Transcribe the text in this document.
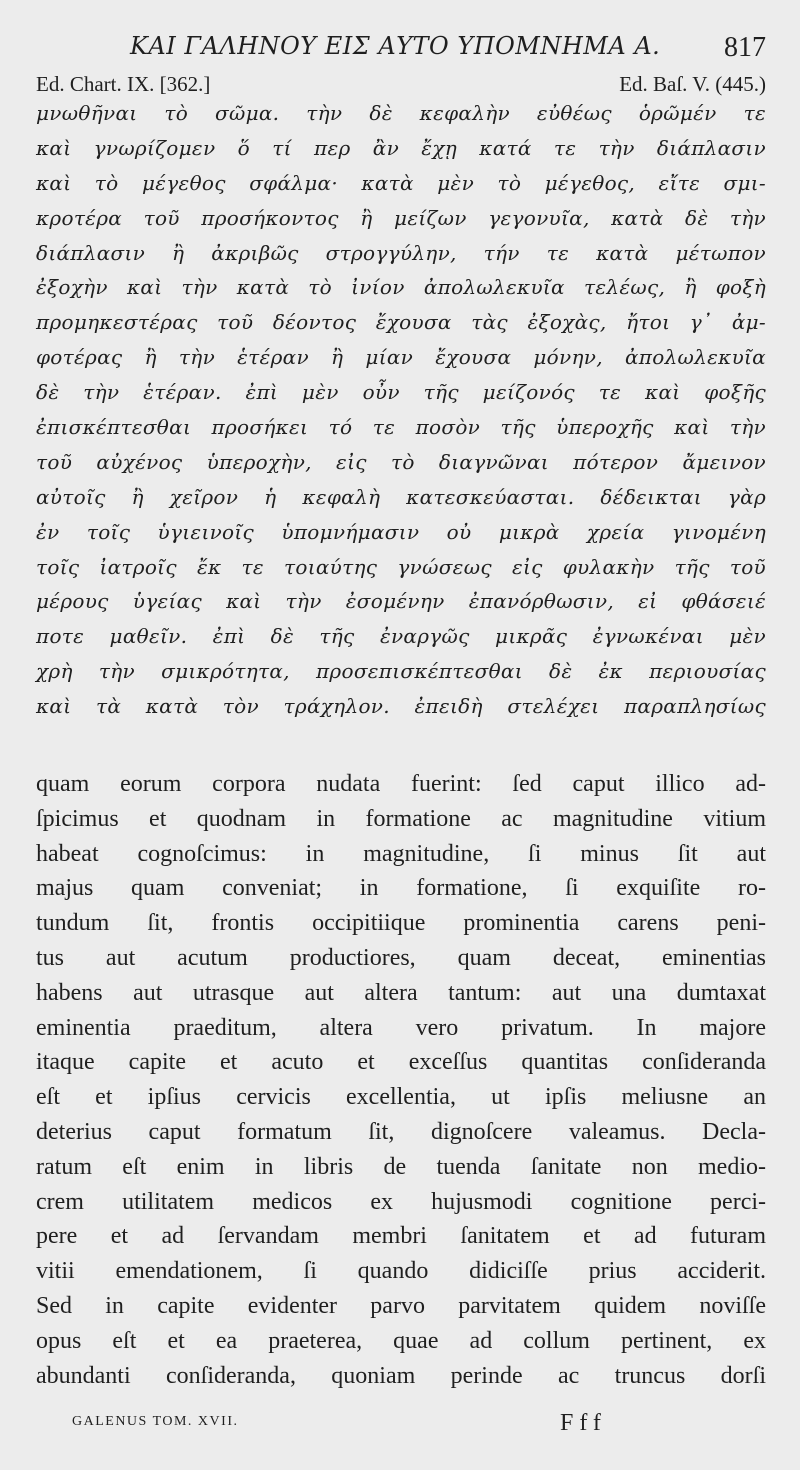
ΚΑΙ ΓΑΛΗΝΟΥ ΕΙΣ ΑΥΤΟ ΥΠΟΜΝΗΜΑ Α. 817
Ed. Chart. IX. [362.]	Ed. Baſ. V. (445.)
μνωθῆναι τὸ σῶμα. τὴν δὲ κεφαλὴν εὐθέως ὁρῶμέν τε
καὶ γνωρίζομεν ὅ τί περ ἂν ἔχῃ κατά τε τὴν διάπλασιν
καὶ τὸ μέγεθος σφάλμα· κατὰ μὲν τὸ μέγεθος, εἴτε σμι-
κροτέρα τοῦ προσήκοντος ἢ μείζων γεγονυῖα, κατὰ δὲ τὴν
διάπλασιν ἢ ἀκριβῶς στρογγύλην, τήν τε κατὰ μέτωπον
ἐξοχὴν καὶ τὴν κατὰ τὸ ἰνίον ἀπολωλεκυῖα τελέως, ἢ φοξὴ
προμηκεστέρας τοῦ δέοντος ἔχουσα τὰς ἐξοχὰς, ἤτοι γ᾽ ἀμ-
φοτέρας ἢ τὴν ἑτέραν ἢ μίαν ἔχουσα μόνην, ἀπολωλεκυῖα
δὲ τὴν ἑτέραν. ἐπὶ μὲν οὖν τῆς μείζονός τε καὶ φοξῆς
ἐπισκέπτεσθαι προσήκει τό τε ποσὸν τῆς ὑπεροχῆς καὶ τὴν
τοῦ αὐχένος ὑπεροχὴν, εἰς τὸ διαγνῶναι πότερον ἄμεινον
αὐτοῖς ἢ χεῖρον ἡ κεφαλὴ κατεσκεύασται. δέδεικται γὰρ
ἐν τοῖς ὑγιεινοῖς ὑπομνήμασιν οὐ μικρὰ χρεία γινομένη
τοῖς ἰατροῖς ἔκ τε τοιαύτης γνώσεως εἰς φυλακὴν τῆς τοῦ
μέρους ὑγείας καὶ τὴν ἐσομένην ἐπανόρθωσιν, εἰ φθάσειέ
ποτε μαθεῖν. ἐπὶ δὲ τῆς ἐναργῶς μικρᾶς ἐγνωκέναι μὲν
χρὴ τὴν σμικρότητα, προσεπισκέπτεσθαι δὲ ἐκ περιουσίας
καὶ τὰ κατὰ τὸν τράχηλον. ἐπειδὴ στελέχει παραπλησίως
quam eorum corpora nudata fuerint: ſed caput illico ad-
ſpicimus et quodnam in formatione ac magnitudine vitium
habeat cognoſcimus: in magnitudine, ſi minus ſit aut
majus quam conveniat; in formatione, ſi exquiſite ro-
tundum ſit, frontis occipitiique prominentia carens peni-
tus aut acutum productiores, quam deceat, eminentias
habens aut utrasque aut altera tantum: aut una dumtaxat
eminentia praeditum, altera vero privatum. In majore
itaque capite et acuto et exceſſus quantitas conſideranda
eſt et ipſius cervicis excellentia, ut ipſis meliusne an
deterius caput formatum ſit, dignoſcere valeamus. Decla-
ratum eſt enim in libris de tuenda ſanitate non medio-
crem utilitatem medicos ex hujusmodi cognitione perci-
pere et ad ſervandam membri ſanitatem et ad futuram
vitii emendationem, ſi quando didiciſſe prius acciderit.
Sed in capite evidenter parvo parvitatem quidem noviſſe
opus eſt et ea praeterea, quae ad collum pertinent, ex
abundanti conſideranda, quoniam perinde ac truncus dorſi
GALENUS TOM. XVII.	Fff
